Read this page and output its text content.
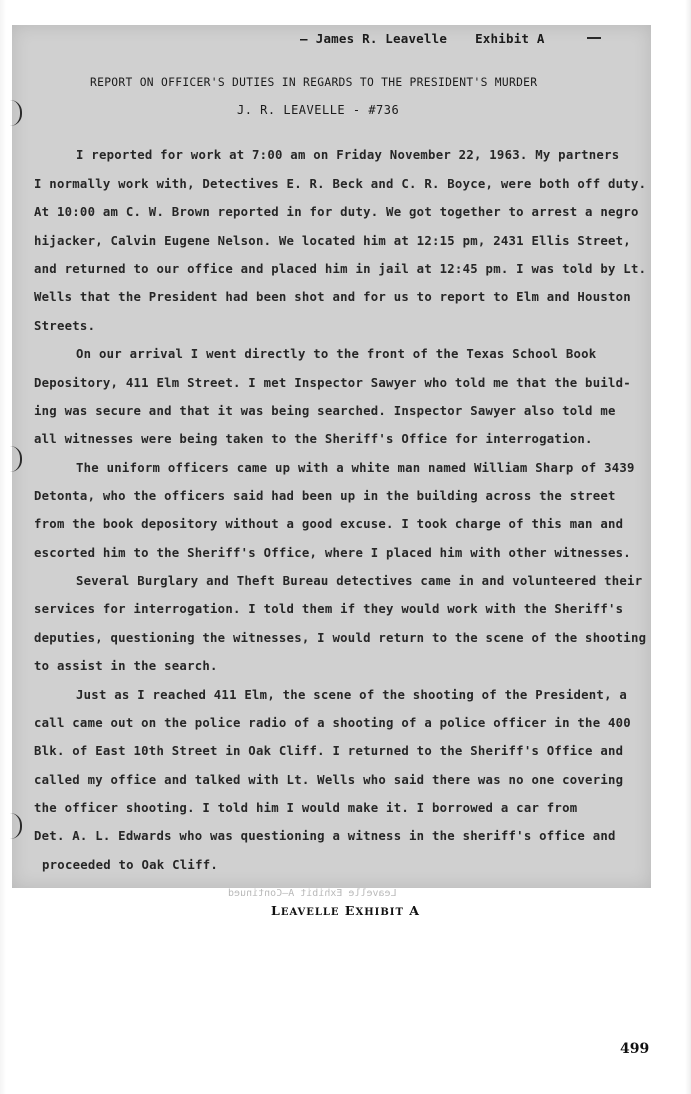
— James R. Leavelle Exhibit A
REPORT ON OFFICER'S DUTIES IN REGARDS TO THE PRESIDENT'S MURDER
J. R. LEAVELLE - #736
I reported for work at 7:00 am on Friday November 22, 1963. My partners
I normally work with, Detectives E. R. Beck and C. R. Boyce, were both off duty.
At 10:00 am C. W. Brown reported in for duty. We got together to arrest a negro
hijacker, Calvin Eugene Nelson. We located him at 12:15 pm, 2431 Ellis Street,
and returned to our office and placed him in jail at 12:45 pm. I was told by Lt.
Wells that the President had been shot and for us to report to Elm and Houston
Streets.
On our arrival I went directly to the front of the Texas School Book
Depository, 411 Elm Street. I met Inspector Sawyer who told me that the build-
ing was secure and that it was being searched. Inspector Sawyer also told me
all witnesses were being taken to the Sheriff's Office for interrogation.
The uniform officers came up with a white man named William Sharp of 3439
Detonta, who the officers said had been up in the building across the street
from the book depository without a good excuse. I took charge of this man and
escorted him to the Sheriff's Office, where I placed him with other witnesses.
Several Burglary and Theft Bureau detectives came in and volunteered their
services for interrogation. I told them if they would work with the Sheriff's
deputies, questioning the witnesses, I would return to the scene of the shooting
to assist in the search.
Just as I reached 411 Elm, the scene of the shooting of the President, a
call came out on the police radio of a shooting of a police officer in the 400
Blk. of East 10th Street in Oak Cliff. I returned to the Sheriff's Office and
called my office and talked with Lt. Wells who said there was no one covering
the officer shooting. I told him I would make it. I borrowed a car from
Det. A. L. Edwards who was questioning a witness in the sheriff's office and
proceeded to Oak Cliff.
Leavelle Exhibit A—Continued
LEAVELLE EXHIBIT A
499
